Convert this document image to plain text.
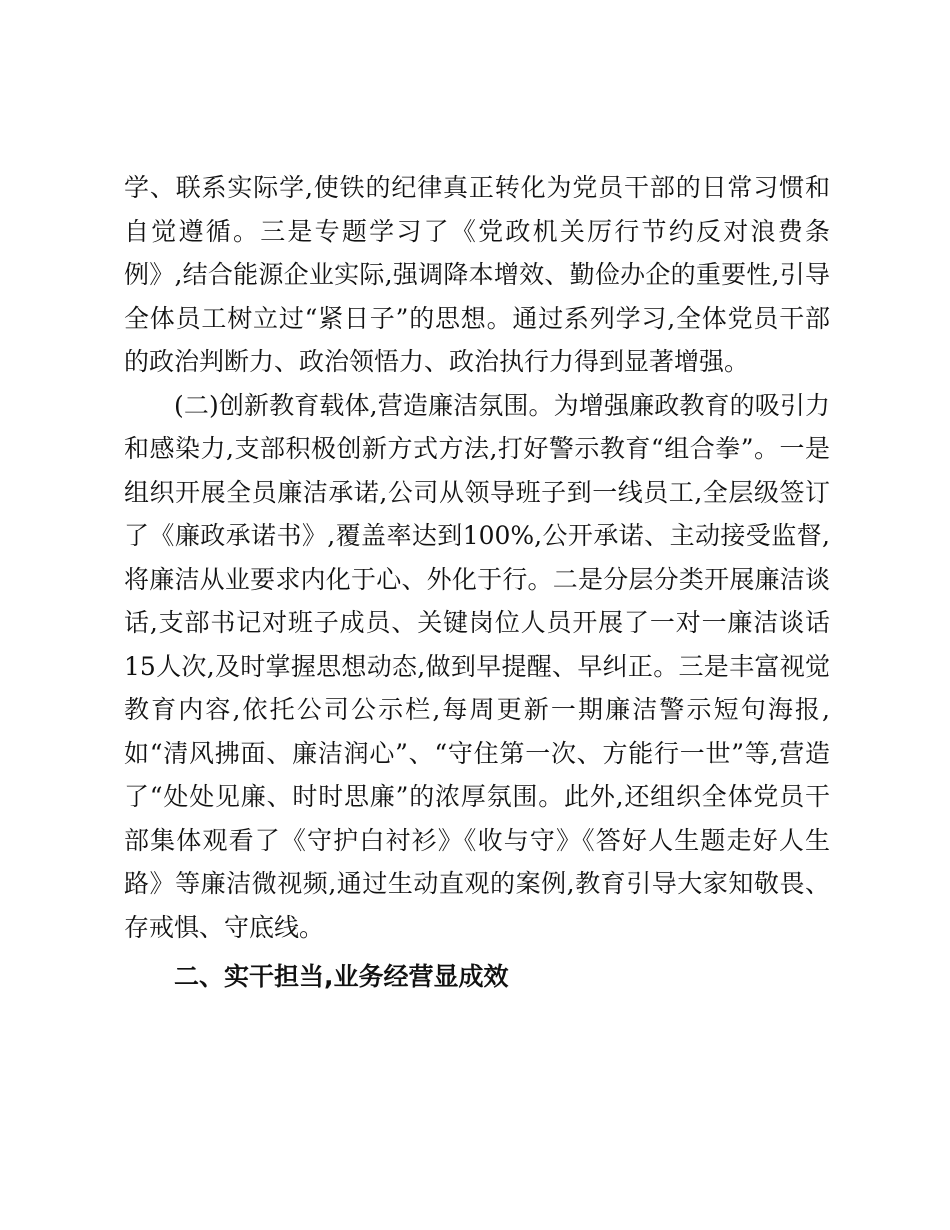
学、联系实际学,使铁的纪律真正转化为党员干部的日常习惯和自觉遵循。三是专题学习了《党政机关厉行节约反对浪费条例》,结合能源企业实际,强调降本增效、勤俭办企的重要性,引导全体员工树立过“紧日子”的思想。通过系列学习,全体党员干部的政治判断力、政治领悟力、政治执行力得到显著增强。

(二)创新教育载体,营造廉洁氛围。为增强廉政教育的吸引力和感染力,支部积极创新方式方法,打好警示教育“组合拳”。一是组织开展全员廉洁承诺,公司从领导班子到一线员工,全层级签订了《廉政承诺书》,覆盖率达到100%,公开承诺、主动接受监督,将廉洁从业要求内化于心、外化于行。二是分层分类开展廉洁谈话,支部书记对班子成员、关键岗位人员开展了一对一廉洁谈话15人次,及时掌握思想动态,做到早提醒、早纠正。三是丰富视觉教育内容,依托公司公示栏,每周更新一期廉洁警示短句海报,如“清风拂面、廉洁润心”、“守住第一次、方能行一世”等,营造了“处处见廉、时时思廉”的浓厚氛围。此外,还组织全体党员干部集体观看了《守护白衬衫》《收与守》《答好人生题走好人生路》等廉洁微视频,通过生动直观的案例,教育引导大家知敬畏、存戒惧、守底线。

二、实干担当,业务经营显成效
